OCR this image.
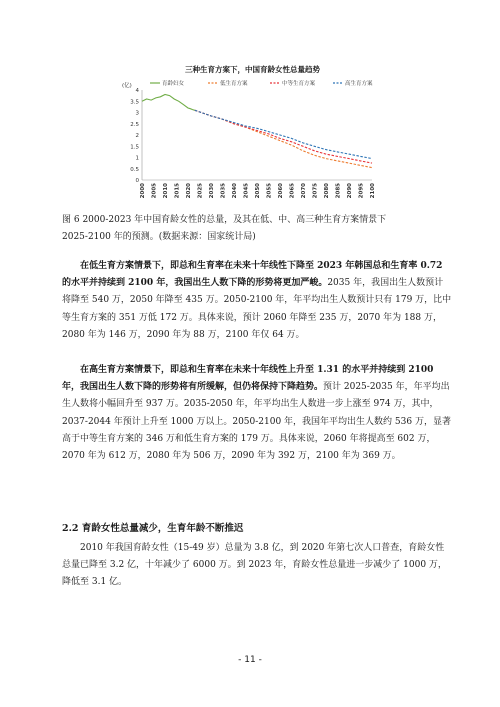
三种生育方案下，中国育龄女性总量趋势
(亿)
0
0.5
1
1.5
2
2.5
3
3.5
4
2000 2005 2010 2015 2020 2025 2030 2035 2040 2045 2050 2055 2060 2065 2070 2075 2080 2085 2090 2095 2100
育龄妇女	低生育方案	中等生育方案	高生育方案
图 6 2000-2023 年中国育龄女性的总量，及其在低、中、高三种生育方案情景下
2025-2100 年的预测。(数据来源：国家统计局)

在低生育方案情景下，即总和生育率在未来十年线性下降至 2023 年韩国总和生育率 0.72 的水平并持续到 2100 年，我国出生人数下降的形势将更加严峻。2035 年，我国出生人数预计将降至 540 万，2050 年降至 435 万。2050-2100 年，年平均出生人数预计只有 179 万，比中等生育方案的 351 万低 172 万。具体来说，预计 2060 年降至 235 万，2070 年为 188 万，2080 年为 146 万，2090 年为 88 万，2100 年仅 64 万。

在高生育方案情景下，即总和生育率在未来十年线性上升至 1.31 的水平并持续到 2100 年，我国出生人数下降的形势将有所缓解，但仍将保持下降趋势。预计 2025-2035 年，年平均出生人数将小幅回升至 937 万。2035-2050 年，年平均出生人数进一步上涨至 974 万，其中，2037-2044 年预计上升至 1000 万以上。2050-2100 年，我国年平均出生人数约 536 万，显著高于中等生育方案的 346 万和低生育方案的 179 万。具体来说，2060 年将提高至 602 万，2070 年为 612 万，2080 年为 506 万，2090 年为 392 万，2100 年为 369 万。

2.2 育龄女性总量减少，生育年龄不断推迟

2010 年我国育龄女性（15-49 岁）总量为 3.8 亿，到 2020 年第七次人口普查，育龄女性总量已降至 3.2 亿，十年减少了 6000 万。到 2023 年，育龄女性总量进一步减少了 1000 万，降低至 3.1 亿。

- 11 -
